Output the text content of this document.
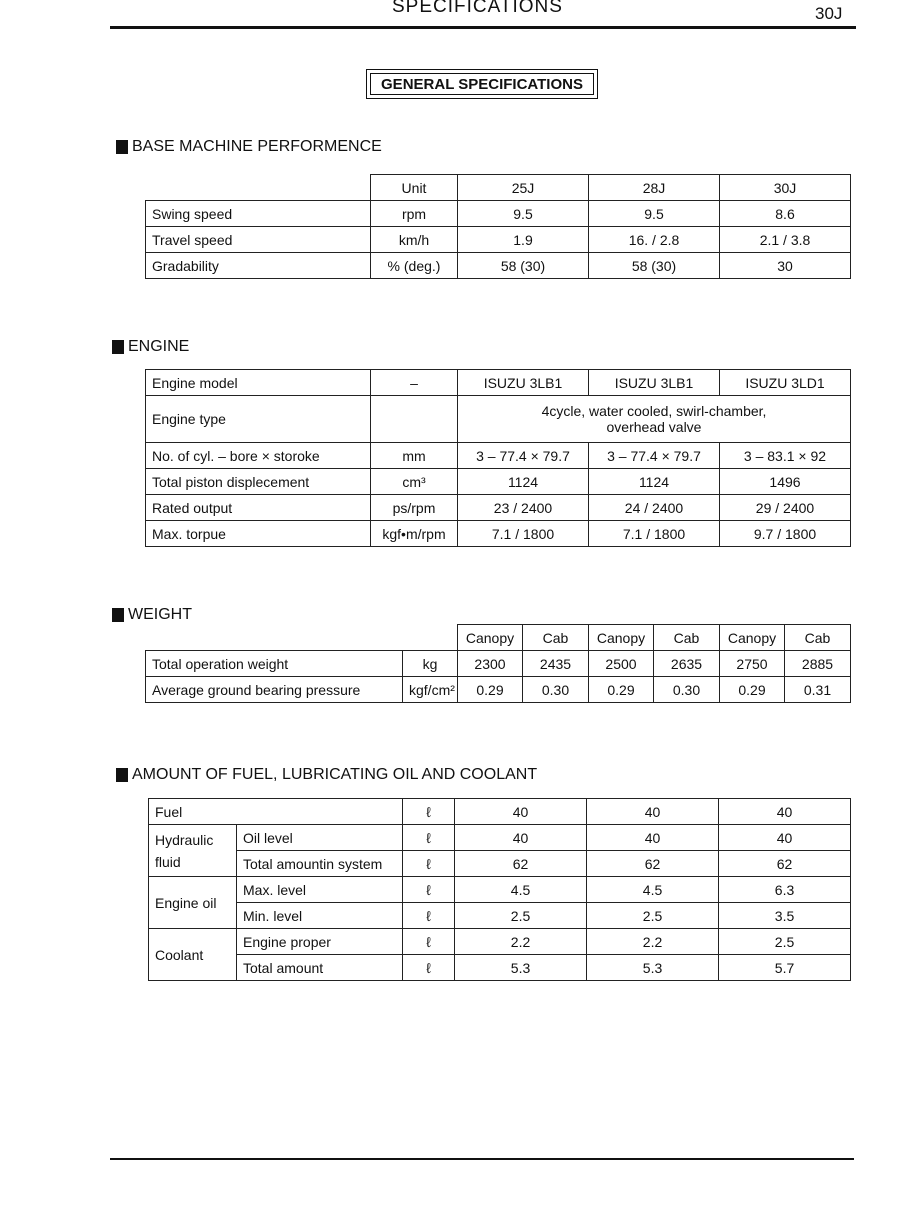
SPECIFICATIONS	30J
GENERAL SPECIFICATIONS
BASE MACHINE PERFORMENCE
	Unit	25J	28J	30J
Swing speed	rpm	9.5	9.5	8.6
Travel speed	km/h	1.9	16. / 2.8	2.1 / 3.8
Gradability	% (deg.)	58 (30)	58 (30)	30
ENGINE
Engine model	–	ISUZU 3LB1	ISUZU 3LB1	ISUZU 3LD1
Engine type		4cycle, water cooled, swirl-chamber,
overhead valve		

No. of cyl. – bore × storoke	mm	3 – 77.4 × 79.7	3 – 77.4 × 79.7	3 – 83.1 × 92
Total piston displecement	cm³	1124	1124	1496
Rated output	ps/rpm	23 / 2400	24 / 2400	29 / 2400
Max. torpue	kgf•m/rpm	7.1 / 1800	7.1 / 1800	9.7 / 1800
WEIGHT
		Canopy	Cab	Canopy	Cab	Canopy	Cab
Total operation weight	kg	2300	2435	2500	2635	2750	2885
Average ground bearing pressure	kgf/cm²	0.29	0.30	0.29	0.30	0.29	0.31
AMOUNT OF FUEL, LUBRICATING OIL AND COOLANT
Fuel		ℓ	40	40	40

Hydraulic
fluid	Oil level	ℓ	40	40	40
	Total amountin system	ℓ	62	62	62
Engine oil	Max. level	ℓ	4.5	4.5	6.3
	Min. level	ℓ	2.5	2.5	3.5
Coolant	Engine proper	ℓ	2.2	2.2	2.5
	Total amount	ℓ	5.3	5.3	5.7
